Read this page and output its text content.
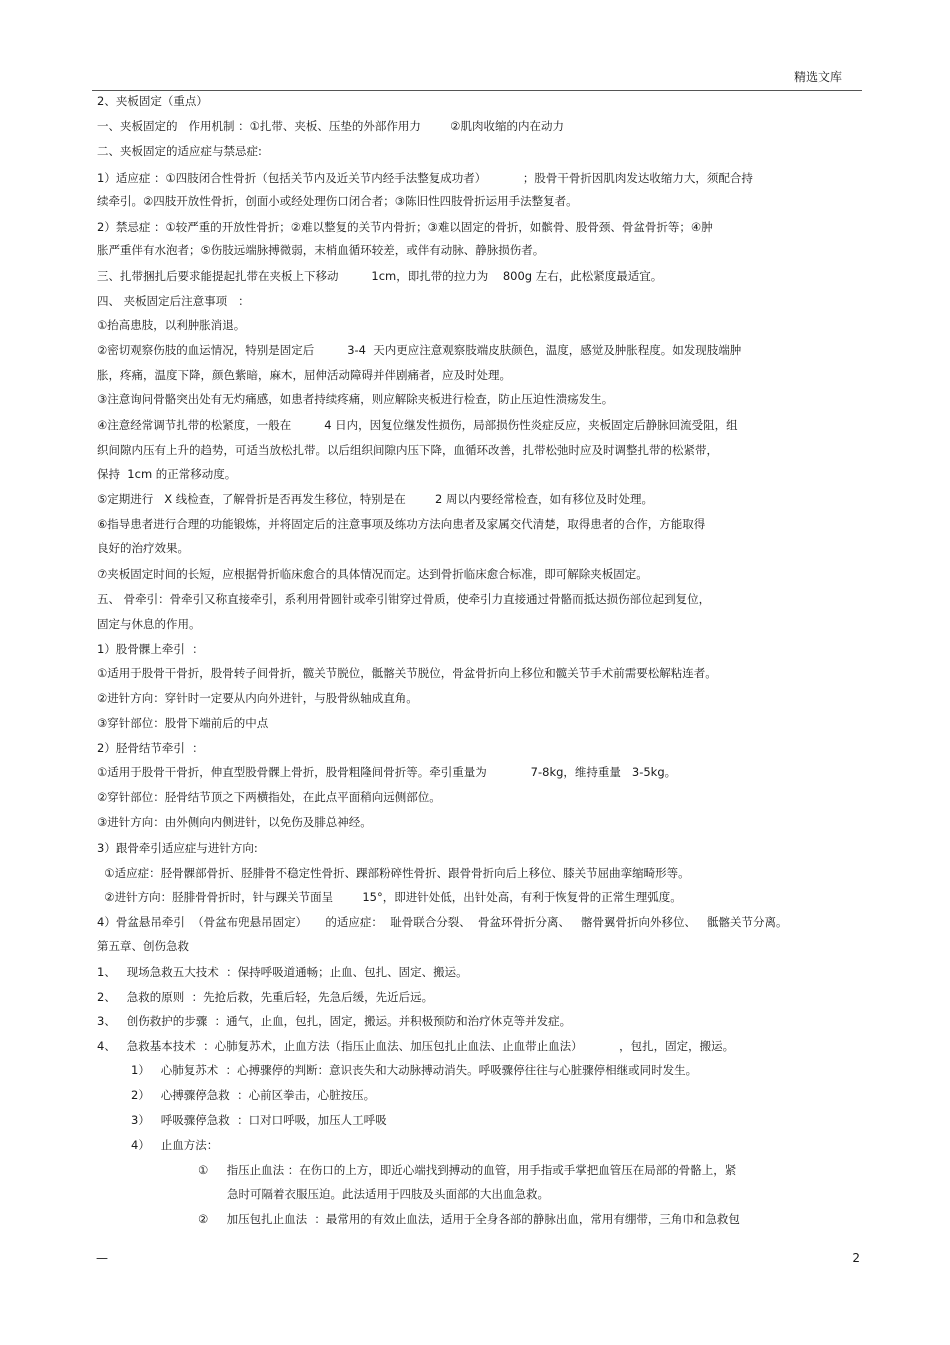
精选文库
2、夹板固定（重点）
一、夹板固定的   作用机制 ：①扎带、夹板、压垫的外部作用力        ②肌肉收缩的内在动力
二、夹板固定的适应症与禁忌症:
1）适应症 ：①四肢闭合性骨折（包括关节内及近关节内经手法整复成功者）          ；股骨干骨折因肌肉发达收缩力大，须配合持
续牵引。②四肢开放性骨折，创面小或经处理伤口闭合者；③陈旧性四肢骨折运用手法整复者。
2）禁忌症 ：①较严重的开放性骨折；②难以整复的关节内骨折；③难以固定的骨折，如髌骨、股骨颈、骨盆骨折等；④肿
胀严重伴有水泡者；⑤伤肢远端脉搏微弱，末梢血循环较差，或伴有动脉、静脉损伤者。
三、扎带捆扎后要求能提起扎带在夹板上下移动         1cm，即扎带的拉力为    800g 左右，此松紧度最适宜。
四、 夹板固定后注意事项   ：
①抬高患肢，以利肿胀消退。
②密切观察伤肢的血运情况，特别是固定后         3-4  天内更应注意观察肢端皮肤颜色，温度，感觉及肿胀程度。如发现肢端肿
胀，疼痛，温度下降，颜色紫暗，麻木，屈伸活动障碍并伴剧痛者，应及时处理。
③注意询问骨骼突出处有无灼痛感，如患者持续疼痛，则应解除夹板进行检查，防止压迫性溃疡发生。
④注意经常调节扎带的松紧度，一般在         4 日内，因复位继发性损伤，局部损伤性炎症反应，夹板固定后静脉回流受阻，组
织间隙内压有上升的趋势，可适当放松扎带。以后组织间隙内压下降，血循环改善，扎带松弛时应及时调整扎带的松紧带，
保持  1cm 的正常移动度。
⑤定期进行   X 线检查，了解骨折是否再发生移位，特别是在        2 周以内要经常检查，如有移位及时处理。
⑥指导患者进行合理的功能锻炼，并将固定后的注意事项及练功方法向患者及家属交代清楚，取得患者的合作，方能取得
良好的治疗效果。
⑦夹板固定时间的长短，应根据骨折临床愈合的具体情况而定。达到骨折临床愈合标准，即可解除夹板固定。
五、 骨牵引：骨牵引又称直接牵引，系利用骨圆针或牵引钳穿过骨质，使牵引力直接通过骨骼而抵达损伤部位起到复位，
固定与休息的作用。
1）股骨髁上牵引  ：
①适用于股骨干骨折，股骨转子间骨折，髋关节脱位，骶髂关节脱位，骨盆骨折向上移位和髋关节手术前需要松解粘连者。
②进针方向：穿针时一定要从内向外进针，与股骨纵轴成直角。
③穿针部位：股骨下端前后的中点
2）胫骨结节牵引  ：
①适用于股骨干骨折，伸直型股骨髁上骨折，股骨粗隆间骨折等。牵引重量为            7-8kg，维持重量   3-5kg。
②穿针部位：胫骨结节顶之下两横指处，在此点平面稍向远侧部位。
③进针方向：由外侧向内侧进针，以免伤及腓总神经。
3）跟骨牵引适应症与进针方向:
①适应症：胫骨髁部骨折、胫腓骨不稳定性骨折、踝部粉碎性骨折、跟骨骨折向后上移位、膝关节屈曲挛缩畸形等。
②进针方向：胫腓骨骨折时，针与踝关节面呈        15°，即进针处低，出针处高，有利于恢复骨的正常生理弧度。
4）骨盆悬吊牵引  （骨盆布兜悬吊固定）     的适应症：  耻骨联合分裂、  骨盆环骨折分离、   髂骨翼骨折向外移位、   骶髂关节分离。
第五章、创伤急救
1、   现场急救五大技术  ：保持呼吸道通畅；止血、包扎、固定、搬运。
2、   急救的原则  ：先抢后救，先重后轻，先急后缓，先近后远。
3、   创伤救护的步骤  ：通气，止血，包扎，固定，搬运。并积极预防和治疗休克等并发症。
4、   急救基本技术  ：心肺复苏术，止血方法（指压止血法、加压包扎止血法、止血带止血法）          ，包扎，固定，搬运。
1）   心肺复苏术  ：心搏骤停的判断：意识丧失和大动脉搏动消失。呼吸骤停往往与心脏骤停相继或同时发生。
2）   心搏骤停急救  ：心前区拳击，心脏按压。
3）   呼吸骤停急救  ：口对口呼吸，加压人工呼吸
4）   止血方法：
①     指压止血法 ：在伤口的上方，即近心端找到搏动的血管，用手指或手掌把血管压在局部的骨骼上，紧
急时可隔着衣服压迫。此法适用于四肢及头面部的大出血急救。
②     加压包扎止血法  ：最常用的有效止血法，适用于全身各部的静脉出血，常用有绷带，三角巾和急救包
—	2
